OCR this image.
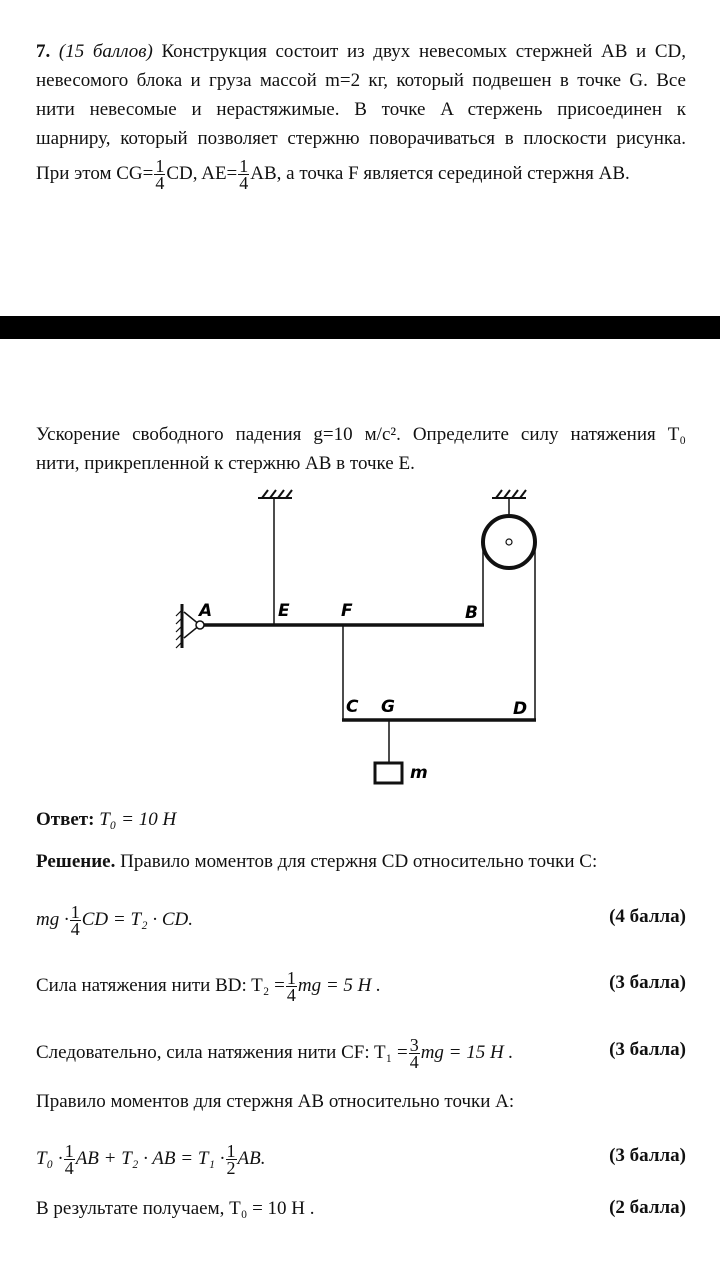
7. (15 баллов) Конструкция состоит из двух невесомых стержней AB и CD,
невесомого блока и груза массой m=2 кг, который подвешен в точке G. Все
нити невесомые и нерастяжимые. В точке A стержень присоединен к
шарниру, который позволяет стержню поворачиваться в плоскости рисунка.
При этом $CG= \frac{1}{4}$ CD, $AE= \frac{1}{4}$ AB, а точка F является серединой стержня AB.
Ускорение свободного падения g=10 м/с². Определите силу натяжения T₀
нити, прикрепленной к стержню AB в точке E.
A	E	F	B
C G	D
m
Ответ: T₀ = 10 Н
Решение. Правило моментов для стержня CD относительно точки C:
mg · $\frac{1}{4}$ CD = T₂ · CD.	(4 балла)
Сила натяжения нити BD: $T_2 = \frac{1}{4}$ mg = 5 Н .	(3 балла)
Следовательно, сила натяжения нити CF: $T_1 = \frac{3}{4}$ mg = 15 Н .	(3 балла)
Правило моментов для стержня AB относительно точки A:
$T_0 \cdot \frac{1}{4}$ AB + T₂ · AB = $T_1 \cdot \frac{1}{2}$ AB.	(3 балла)
В результате получаем, T₀ = 10 Н .	(2 балла)
